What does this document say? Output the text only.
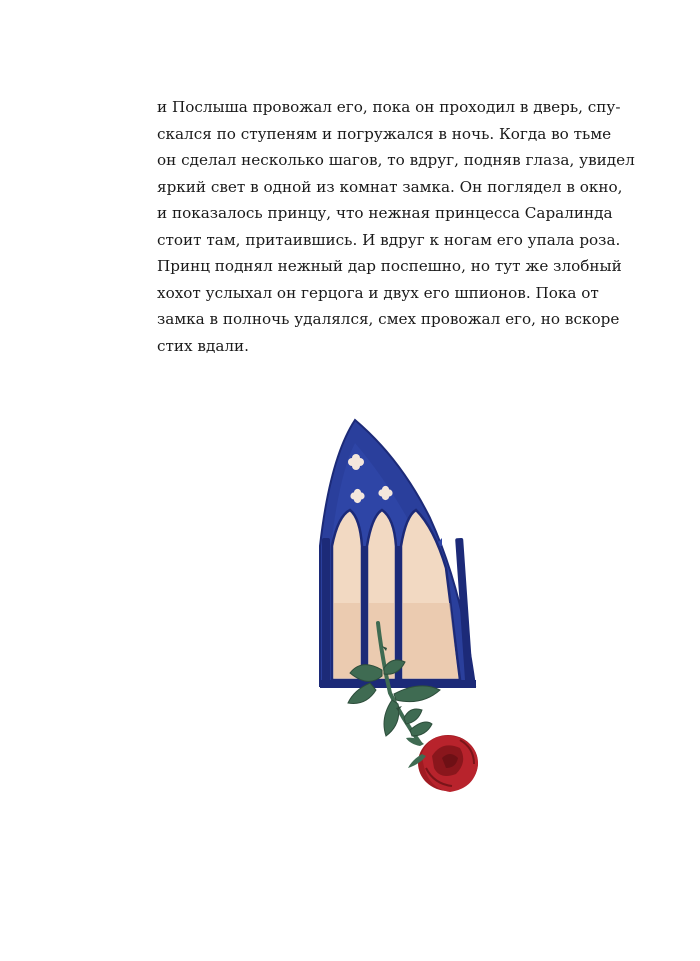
и Послыша провожал его, пока он проходил в дверь, спу-
скался по ступеням и погружался в ночь. Когда во тьме
он сделал несколько шагов, то вдруг, подняв глаза, увидел
яркий свет в одной из комнат замка. Он поглядел в окно,
и показалось принцу, что нежная принцесса Саралинда
стоит там, притаившись. И вдруг к ногам его упала роза.
Принц поднял нежный дар поспешно, но тут же злобный
хохот услыхал он герцога и двух его шпионов. Пока от
замка в полночь удалялся, смех провожал его, но вскоре
стих вдали.
